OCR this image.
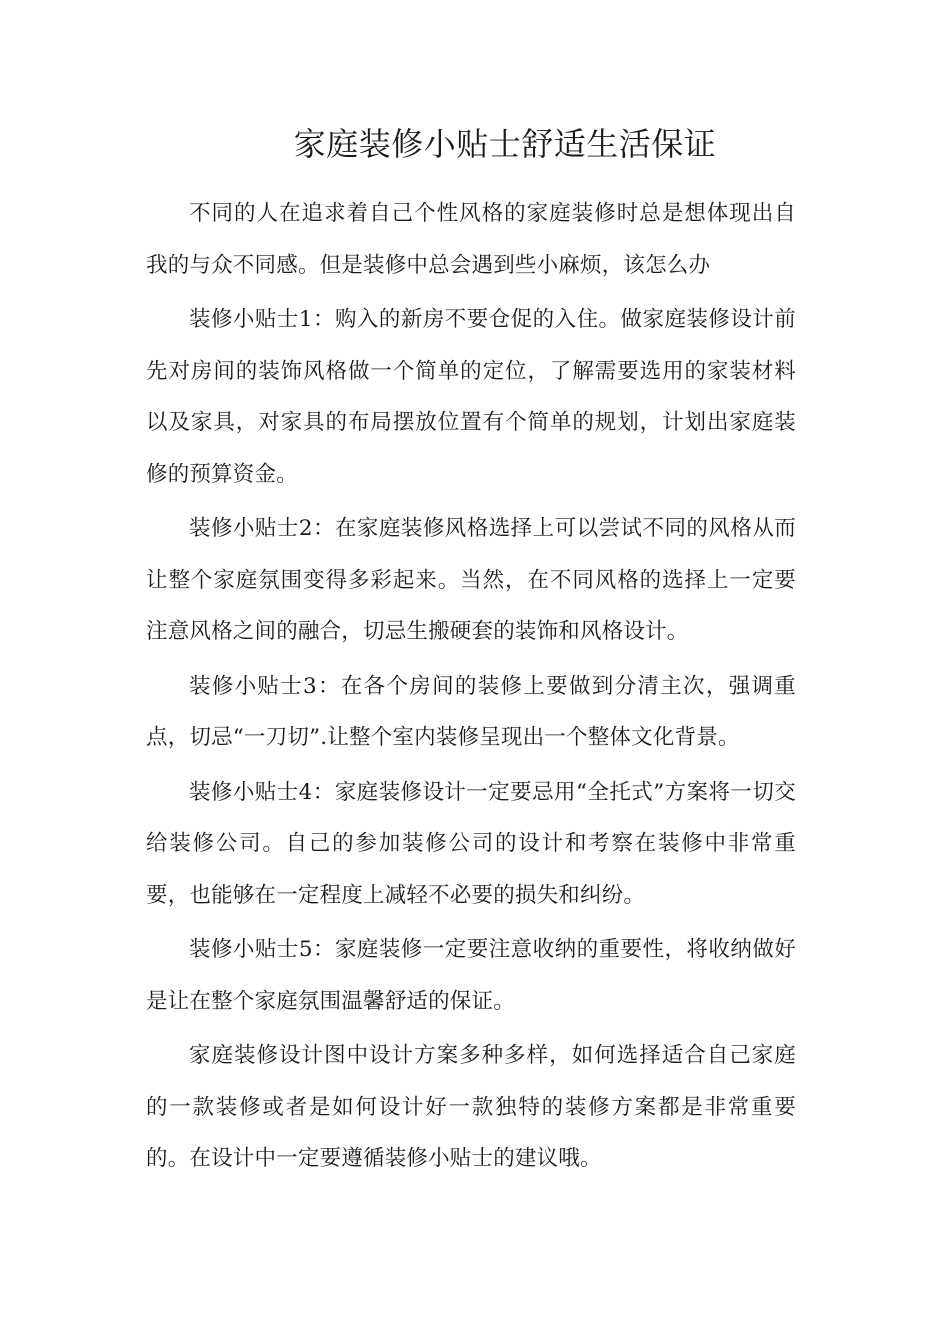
家庭装修小贴士舒适生活保证

不同的人在追求着自己个性风格的家庭装修时总是想体现出自我的与众不同感。但是装修中总会遇到些小麻烦，该怎么办

装修小贴士1：购入的新房不要仓促的入住。做家庭装修设计前先对房间的装饰风格做一个简单的定位，了解需要选用的家装材料以及家具，对家具的布局摆放位置有个简单的规划，计划出家庭装修的预算资金。

装修小贴士2：在家庭装修风格选择上可以尝试不同的风格从而让整个家庭氛围变得多彩起来。当然，在不同风格的选择上一定要注意风格之间的融合，切忌生搬硬套的装饰和风格设计。

装修小贴士3：在各个房间的装修上要做到分清主次，强调重点，切忌“一刀切”.让整个室内装修呈现出一个整体文化背景。

装修小贴士4：家庭装修设计一定要忌用“全托式”方案将一切交给装修公司。自己的参加装修公司的设计和考察在装修中非常重要，也能够在一定程度上减轻不必要的损失和纠纷。

装修小贴士5：家庭装修一定要注意收纳的重要性，将收纳做好是让在整个家庭氛围温馨舒适的保证。

家庭装修设计图中设计方案多种多样，如何选择适合自己家庭的一款装修或者是如何设计好一款独特的装修方案都是非常重要的。在设计中一定要遵循装修小贴士的建议哦。
